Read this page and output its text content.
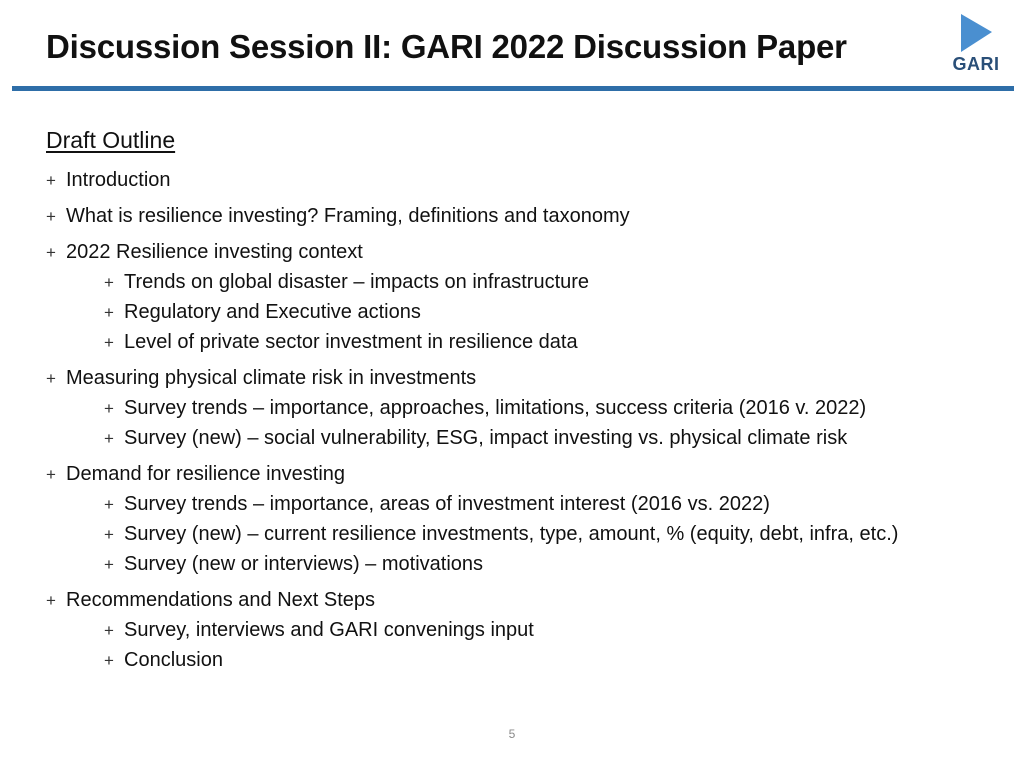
Discussion Session II: GARI 2022 Discussion Paper	GARI
Draft Outline
+ Introduction
+ What is resilience investing? Framing, definitions and taxonomy
+ 2022 Resilience investing context
+ Trends on global disaster – impacts on infrastructure
+ Regulatory and Executive actions
+ Level of private sector investment in resilience data
+ Measuring physical climate risk in investments
+ Survey trends – importance, approaches, limitations, success criteria (2016 v. 2022)
+ Survey (new) – social vulnerability, ESG, impact investing vs. physical climate risk
+ Demand for resilience investing
+ Survey trends – importance, areas of investment interest (2016 vs. 2022)
+ Survey (new) – current resilience investments, type, amount, % (equity, debt, infra, etc.)
+ Survey (new or interviews) – motivations
+ Recommendations and Next Steps
+ Survey, interviews and GARI convenings input
+ Conclusion
5
